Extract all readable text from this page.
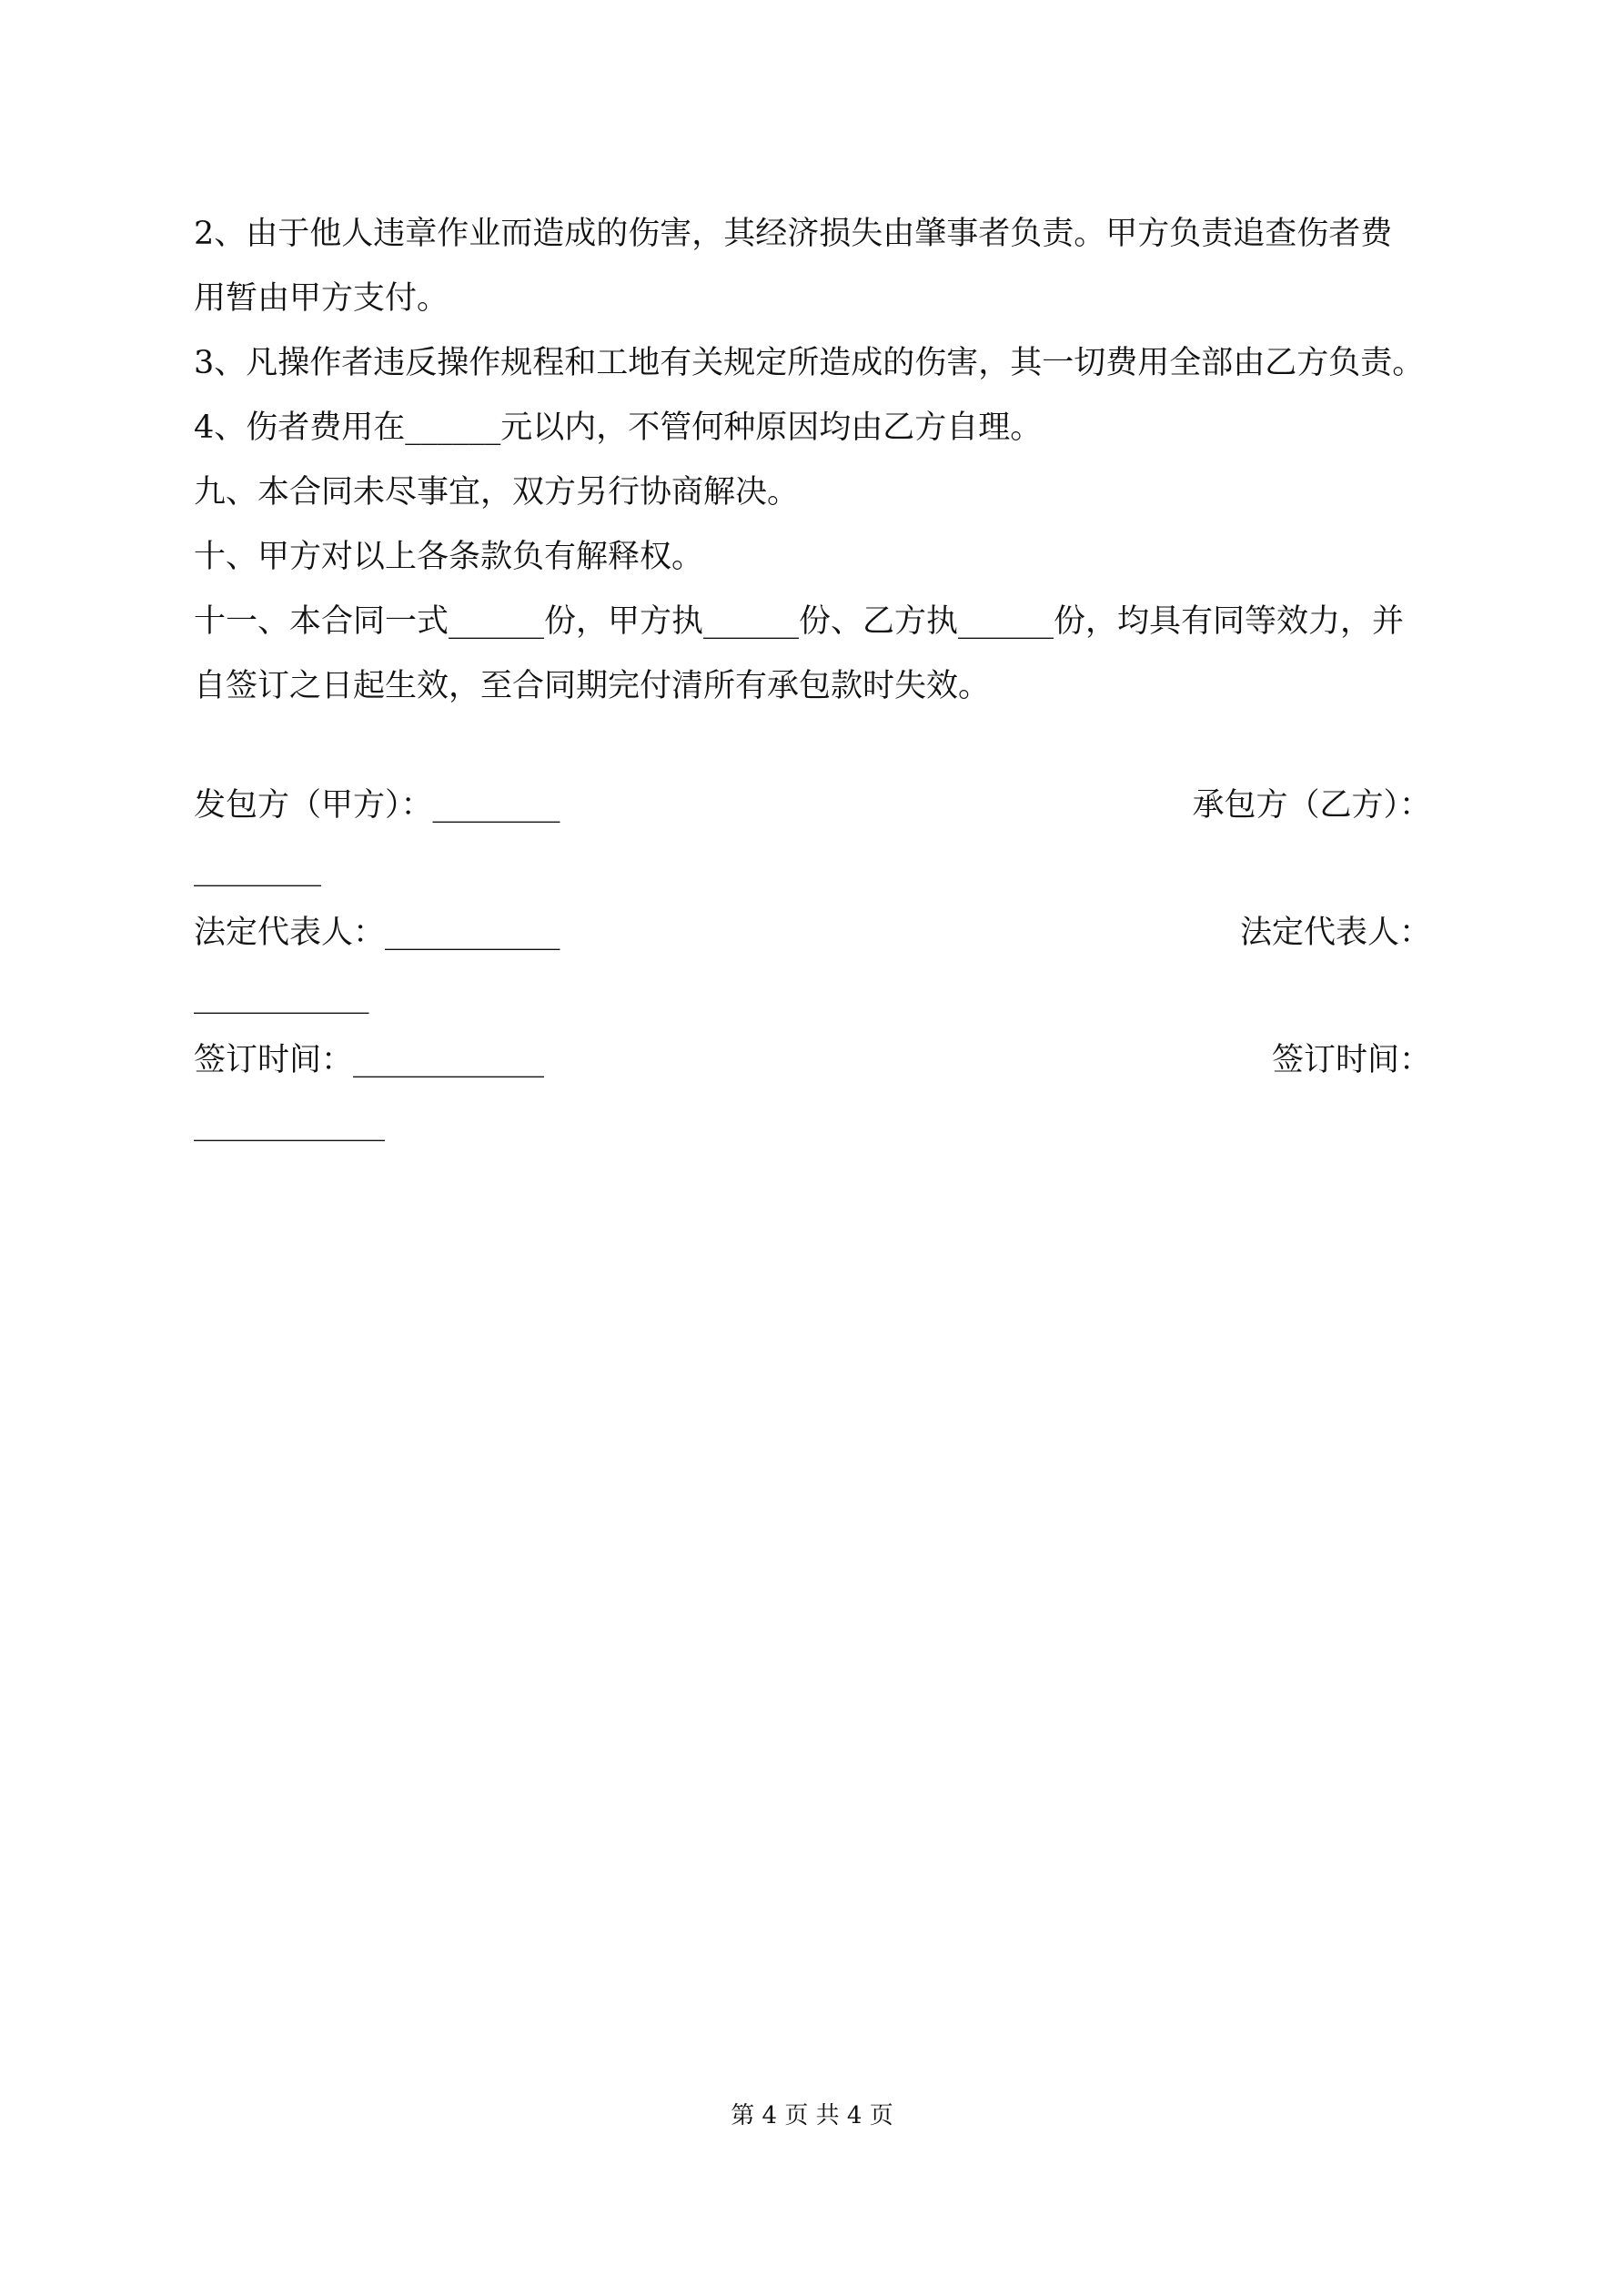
2、由于他人违章作业而造成的伤害，其经济损失由肇事者负责。甲方负责追查伤者费

用暂由甲方支付。

3、凡操作者违反操作规程和工地有关规定所造成的伤害，其一切费用全部由乙方负责。

4、伤者费用在______元以内，不管何种原因均由乙方自理。

九、本合同未尽事宜，双方另行协商解决。

十、甲方对以上各条款负有解释权。

十一、本合同一式______份，甲方执______份、乙方执______份，均具有同等效力，并

自签订之日起生效，至合同期完付清所有承包款时失效。

发包方（甲方）：________	承包方（乙方）：
________
法定代表人：___________	法定代表人：
___________
签订时间：____________	签订时间：
____________
第 4 页 共 4 页
